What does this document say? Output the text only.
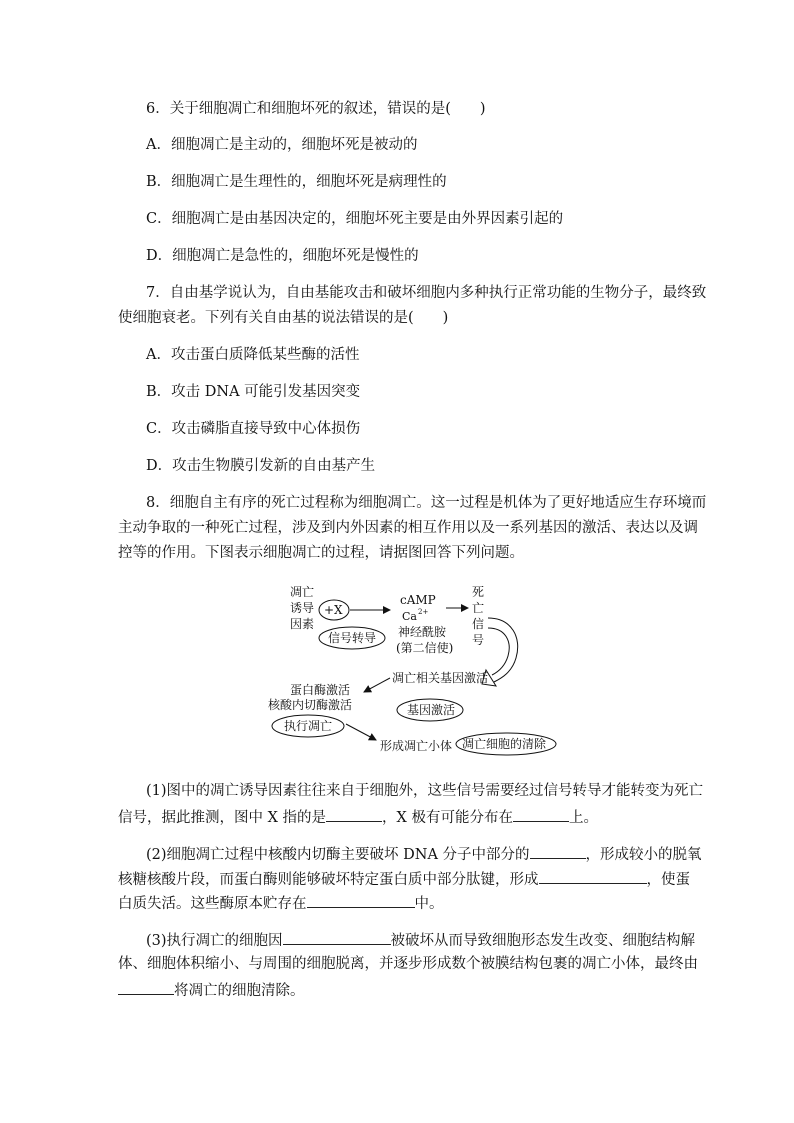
6．关于细胞凋亡和细胞坏死的叙述，错误的是(　　)
A．细胞凋亡是主动的，细胞坏死是被动的
B．细胞凋亡是生理性的，细胞坏死是病理性的
C．细胞凋亡是由基因决定的，细胞坏死主要是由外界因素引起的
D．细胞凋亡是急性的，细胞坏死是慢性的
7．自由基学说认为，自由基能攻击和破坏细胞内多种执行正常功能的生物分子，最终致
使细胞衰老。下列有关自由基的说法错误的是(　　)
A．攻击蛋白质降低某些酶的活性
B．攻击 DNA 可能引发基因突变
C．攻击磷脂直接导致中心体损伤
D．攻击生物膜引发新的自由基产生
8．细胞自主有序的死亡过程称为细胞凋亡。这一过程是机体为了更好地适应生存环境而
主动争取的一种死亡过程，涉及到内外因素的相互作用以及一系列基因的激活、表达以及调
控等的作用。下图表示细胞凋亡的过程，请据图回答下列问题。
凋亡
诱导
因素
+X
信号转导
cAMP
Ca 2+
神经酰胺
(第二信使)
死
亡
信
号
凋亡相关基因激活
基因激活
蛋白酶激活
核酸内切酶激活
执行凋亡
形成凋亡小体 凋亡细胞的清除
(1)图中的凋亡诱导因素往往来自于细胞外，这些信号需要经过信号转导才能转变为死亡
信号，据此推测，图中 X 指的是	，X 极有可能分布在	上。
(2)细胞凋亡过程中核酸内切酶主要破坏 DNA 分子中部分的	，形成较小的脱氧
核糖核酸片段，而蛋白酶则能够破坏特定蛋白质中部分肽键，形成	，使蛋
白质失活。这些酶原本贮存在	中。
(3)执行凋亡的细胞因	被破坏从而导致细胞形态发生改变、细胞结构解
体、细胞体积缩小、与周围的细胞脱离，并逐步形成数个被膜结构包裹的凋亡小体，最终由
将凋亡的细胞清除。
